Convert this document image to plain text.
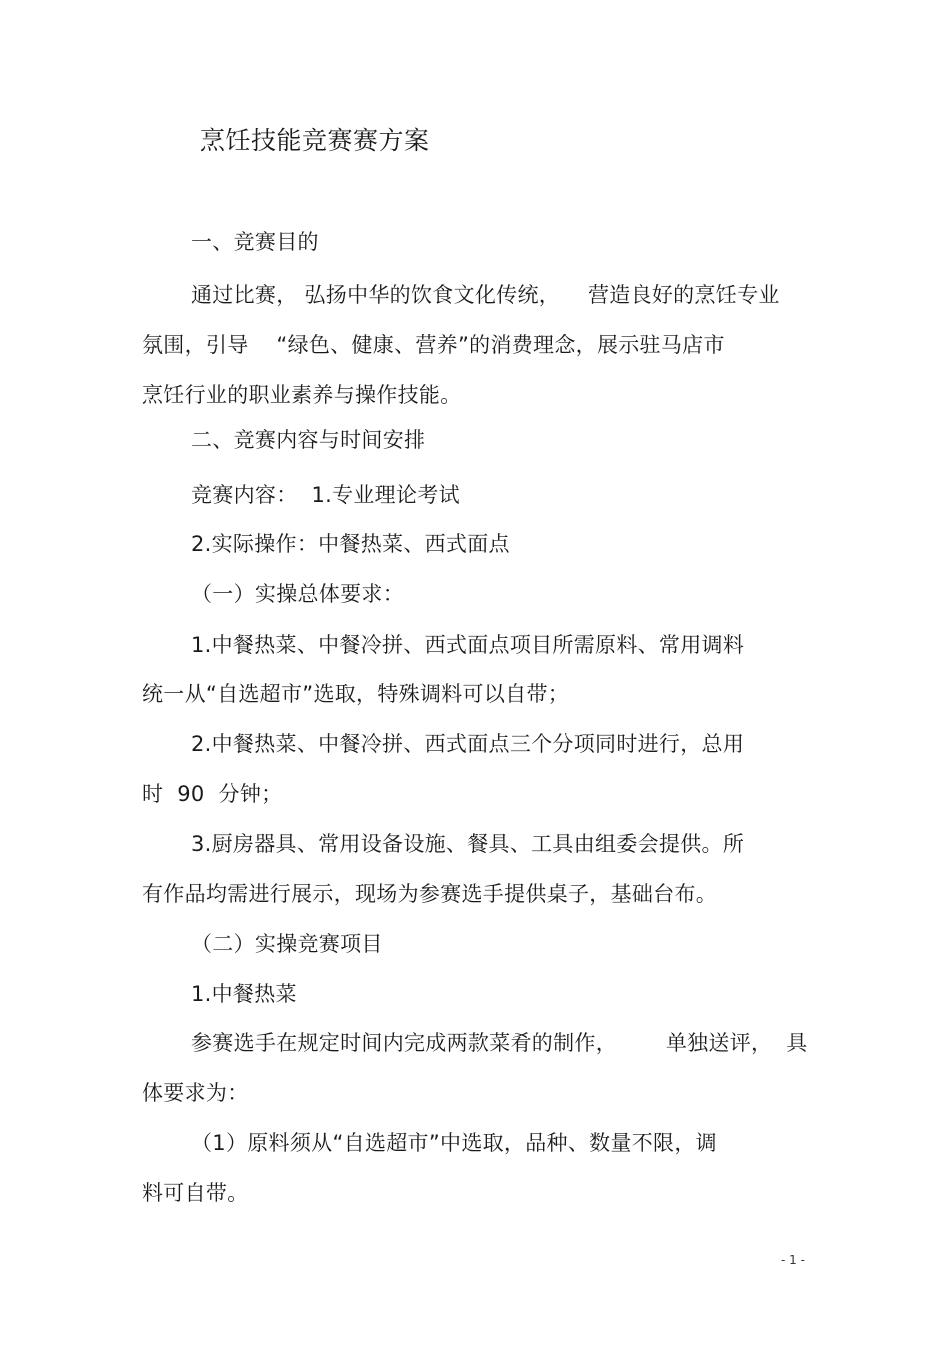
烹饪技能竞赛赛方案
一、竞赛目的
通过比赛， 弘扬中华的饮食文化传统，    营造良好的烹饪专业
氛围，引导    “绿色、健康、营养”的消费理念，展示驻马店市
烹饪行业的职业素养与操作技能。
二、竞赛内容与时间安排
竞赛内容：  1.专业理论考试
2.实际操作：中餐热菜、西式面点
（一）实操总体要求：
1.中餐热菜、中餐冷拼、西式面点项目所需原料、常用调料
统一从“自选超市”选取，特殊调料可以自带；
2.中餐热菜、中餐冷拼、西式面点三个分项同时进行，总用
时  90  分钟；
3.厨房器具、常用设备设施、餐具、工具由组委会提供。所
有作品均需进行展示，现场为参赛选手提供桌子，基础台布。
（二）实操竞赛项目
1.中餐热菜
参赛选手在规定时间内完成两款菜肴的制作，       单独送评，  具
体要求为：
（1）原料须从“自选超市”中选取，品种、数量不限，调
料可自带。
- 1 -
